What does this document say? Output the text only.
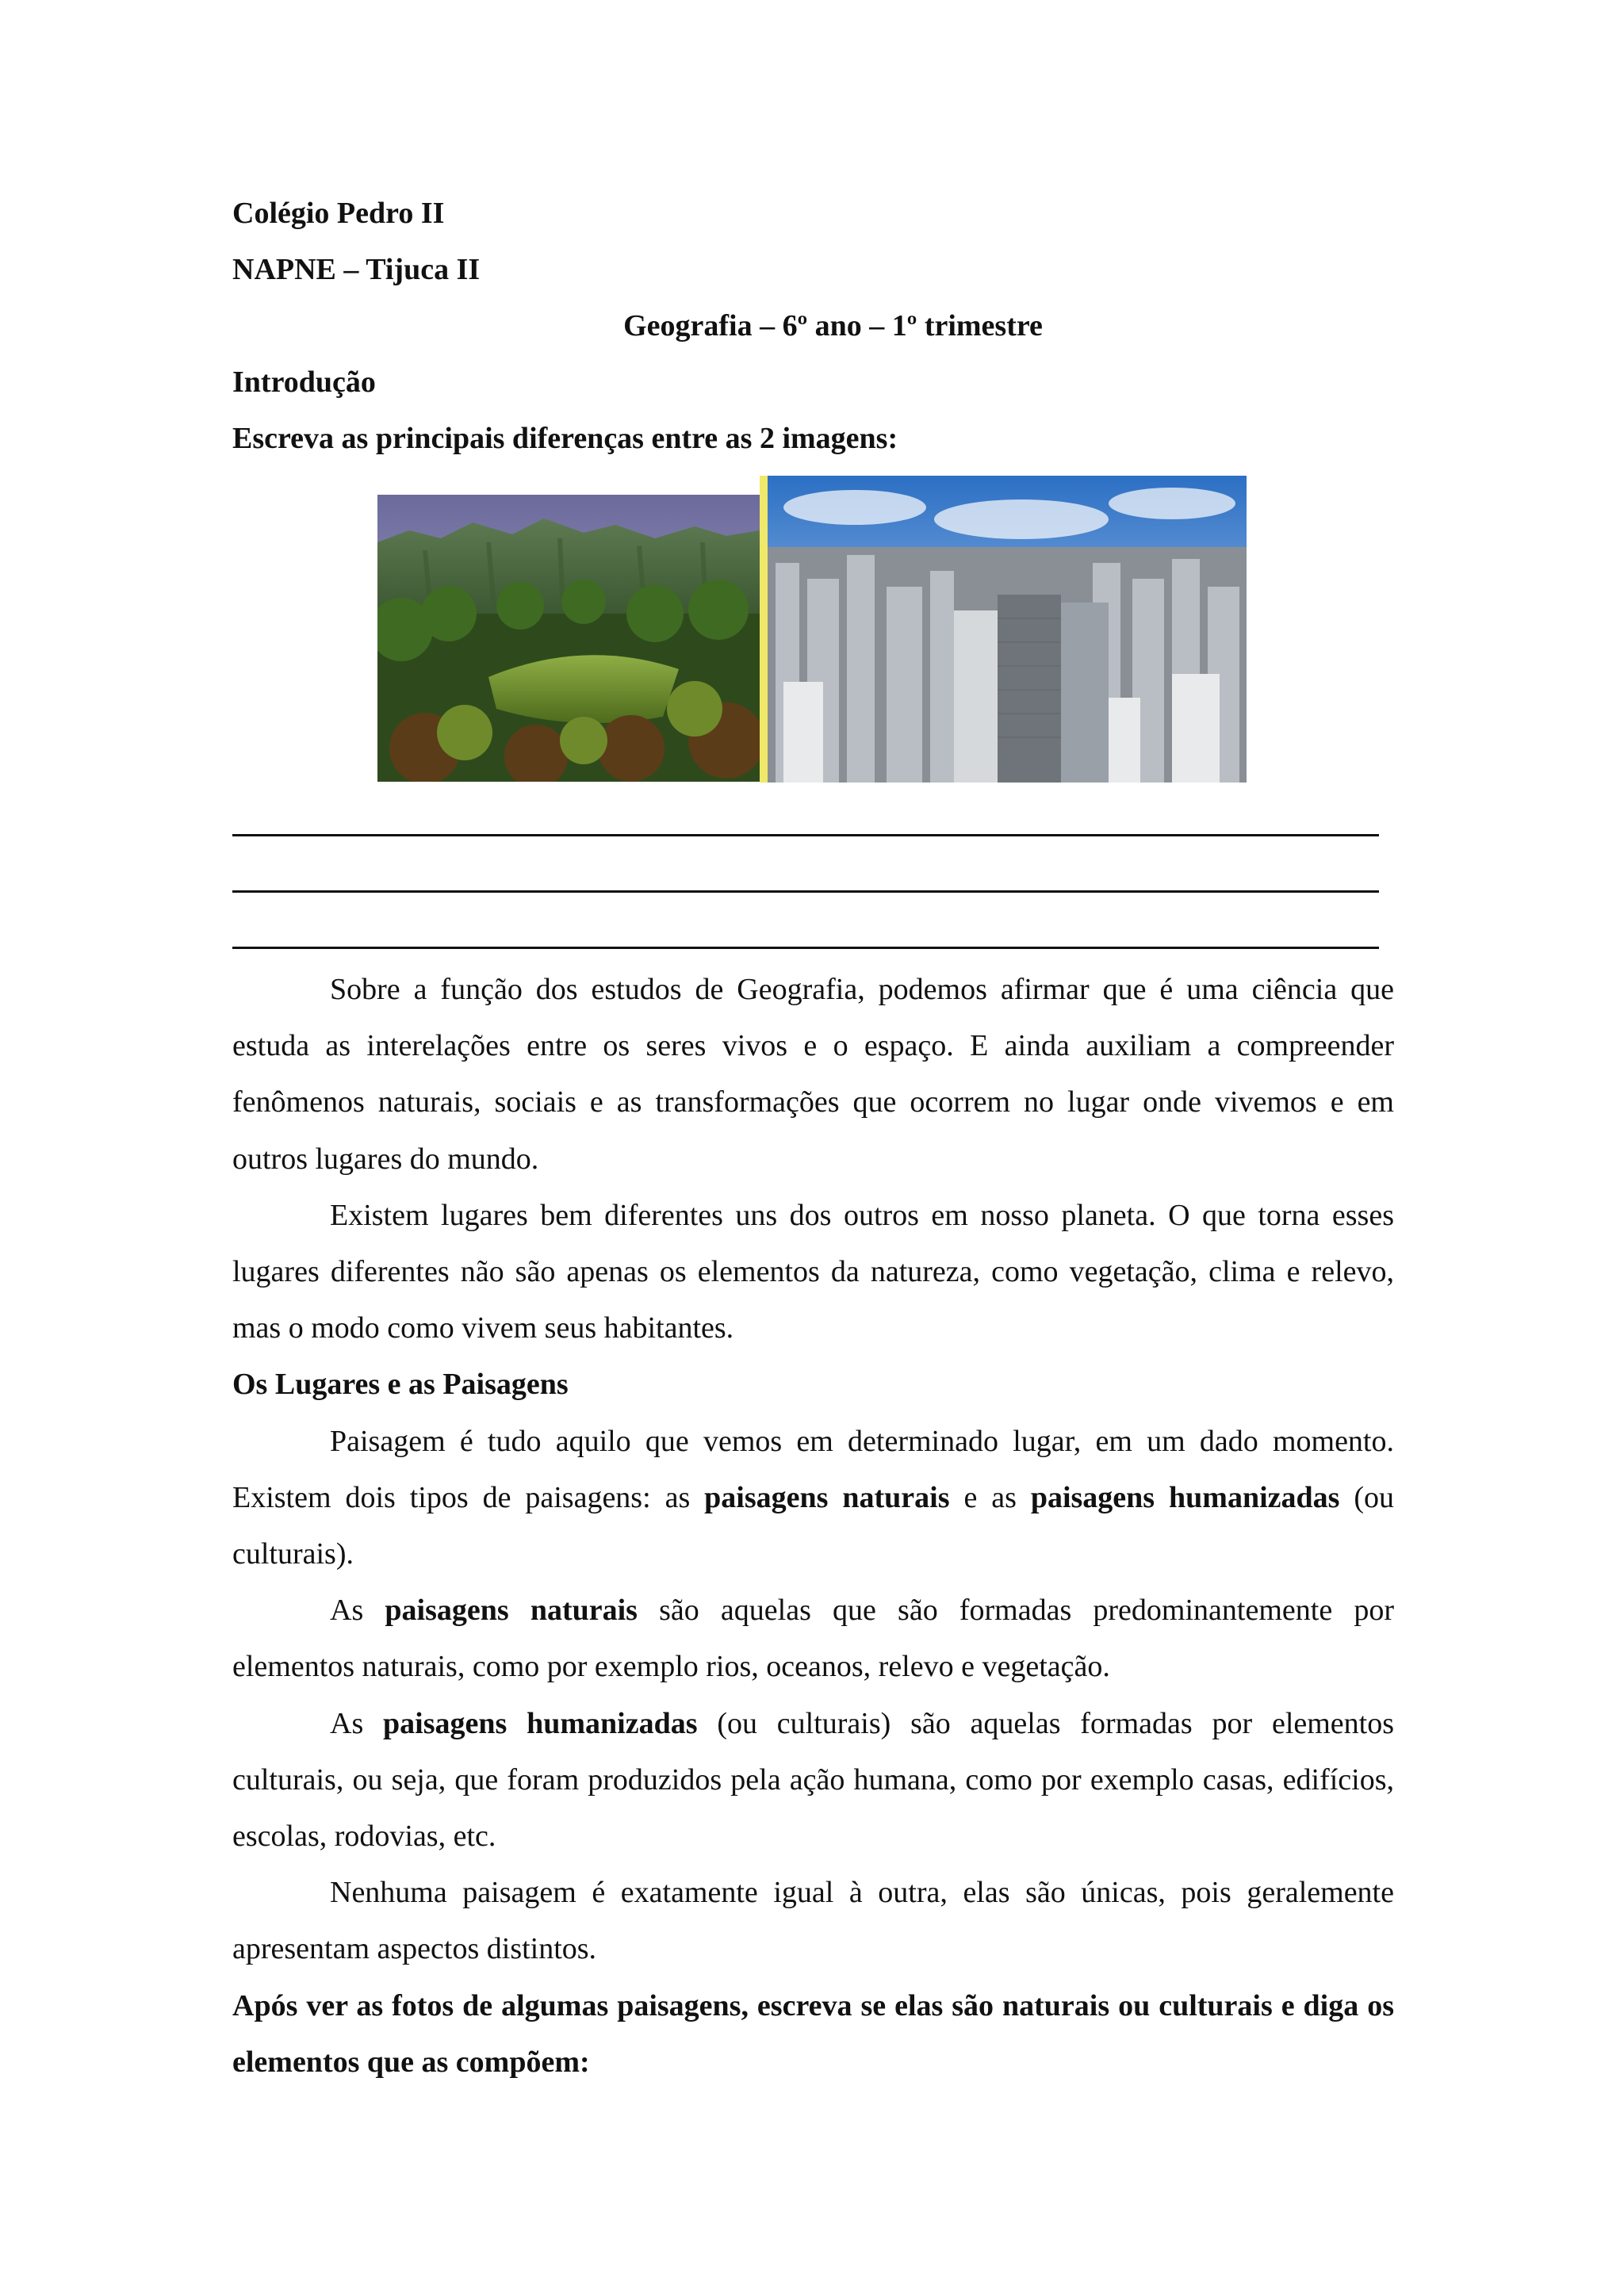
Colégio Pedro II
NAPNE – Tijuca II
Geografia – 6º ano – 1º trimestre
Introdução
Escreva as principais diferenças entre as 2 imagens:

Sobre a função dos estudos de Geografia, podemos afirmar que é uma ciência que estuda as interelações entre os seres vivos e o espaço. E ainda auxiliam a compreender fenômenos naturais, sociais e as transformações que ocorrem no lugar onde vivemos e em outros lugares do mundo.

Existem lugares bem diferentes uns dos outros em nosso planeta. O que torna esses lugares diferentes não são apenas os elementos da natureza, como vegetação, clima e relevo, mas o modo como vivem seus habitantes.

Os Lugares e as Paisagens

Paisagem é tudo aquilo que vemos em determinado lugar, em um dado momento. Existem dois tipos de paisagens: as paisagens naturais e as paisagens humanizadas (ou culturais).

As paisagens naturais são aquelas que são formadas predominantemente por elementos naturais, como por exemplo rios, oceanos, relevo e vegetação.

As paisagens humanizadas (ou culturais) são aquelas formadas por elementos culturais, ou seja, que foram produzidos pela ação humana, como por exemplo casas, edifícios, escolas, rodovias, etc.

Nenhuma paisagem é exatamente igual à outra, elas são únicas, pois geralemente apresentam aspectos distintos.

Após ver as fotos de algumas paisagens, escreva se elas são naturais ou culturais e diga os elementos que as compõem:
